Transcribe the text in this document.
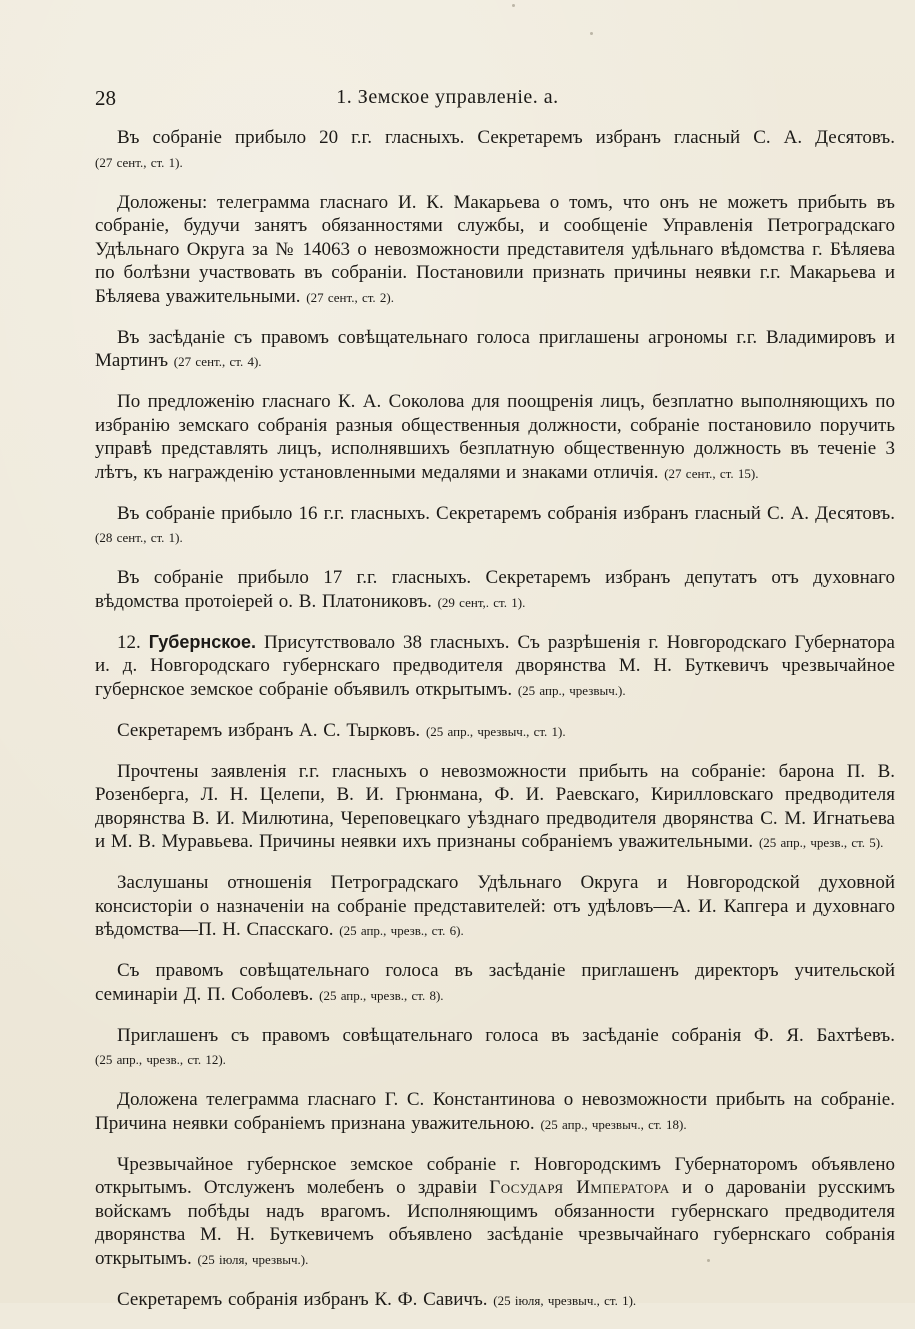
28	1. Земское управленіе. а.

Въ собраніе прибыло 20 г.г. гласныхъ. Секретаремъ избранъ гласный С. А. Десятовъ. (27 сент., ст. 1).

Доложены: телеграмма гласнаго И. К. Макарьева о томъ, что онъ не можетъ прибыть въ собраніе, будучи занятъ обязанностями службы, и сообщеніе Управленія Петроградскаго Удѣльнаго Округа за № 14063 о невозможности представителя удѣльнаго вѣдомства г. Бѣляева по болѣзни участвовать въ собраніи. Постановили признать причины неявки г.г. Макарьева и Бѣляева уважительными. (27 сент., ст. 2).

Въ засѣданіе съ правомъ совѣщательнаго голоса приглашены агрономы г.г. Владимировъ и Мартинъ (27 сент., ст. 4).

По предложенію гласнаго К. А. Соколова для поощренія лицъ, безплатно выполняющихъ по избранію земскаго собранія разныя общественныя должности, собраніе постановило поручить управѣ представлять лицъ, исполнявшихъ безплатную общественную должность въ теченіе 3 лѣтъ, къ награжденію установленными медалями и знаками отличія. (27 сент., ст. 15).

Въ собраніе прибыло 16 г.г. гласныхъ. Секретаремъ собранія избранъ гласный С. А. Десятовъ. (28 сент., ст. 1).

Въ собраніе прибыло 17 г.г. гласныхъ. Секретаремъ избранъ депутатъ отъ духовнаго вѣдомства протоіерей о. В. Платониковъ. (29 сент,. ст. 1).

12. Губернское. Присутствовало 38 гласныхъ. Съ разрѣшенія г. Новгородскаго Губернатора и. д. Новгородскаго губернскаго предводителя дворянства М. Н. Буткевичъ чрезвычайное губернское земское собраніе объявилъ открытымъ. (25 апр., чрезвыч.).

Секретаремъ избранъ А. С. Тырковъ. (25 апр., чрезвыч., ст. 1).

Прочтены заявленія г.г. гласныхъ о невозможности прибыть на собраніе: барона П. В. Розенберга, Л. Н. Целепи, В. И. Грюнмана, Ф. И. Раевскаго, Кирилловскаго предводителя дворянства В. И. Милютина, Череповецкаго уѣзднаго предводителя дворянства С. М. Игнатьева и М. В. Муравьева. Причины неявки ихъ признаны собраніемъ уважительными. (25 апр., чрезв., ст. 5).

Заслушаны отношенія Петроградскаго Удѣльнаго Округа и Новгородской духовной консисторіи о назначеніи на собраніе представителей: отъ удѣловъ—А. И. Капгера и духовнаго вѣдомства—П. Н. Спасскаго. (25 апр., чрезв., ст. 6).

Съ правомъ совѣщательнаго голоса въ засѣданіе приглашенъ директоръ учительской семинаріи Д. П. Соболевъ. (25 апр., чрезв., ст. 8).

Приглашенъ съ правомъ совѣщательнаго голоса въ засѣданіе собранія Ф. Я. Бахтѣевъ. (25 апр., чрезв., ст. 12).

Доложена телеграмма гласнаго Г. С. Константинова о невозможности прибыть на собраніе. Причина неявки собраніемъ признана уважительною. (25 апр., чрезвыч., ст. 18).

Чрезвычайное губернское земское собраніе г. Новгородскимъ Губернаторомъ объявлено открытымъ. Отслуженъ молебенъ о здравіи Государя Императора и о дарованіи русскимъ войскамъ побѣды надъ врагомъ. Исполняющимъ обязанности губернскаго предводителя дворянства М. Н. Буткевичемъ объявлено засѣданіе чрезвычайнаго губернскаго собранія открытымъ. (25 іюля, чрезвыч.).

Секретаремъ собранія избранъ К. Ф. Савичъ. (25 іюля, чрезвыч., ст. 1).
